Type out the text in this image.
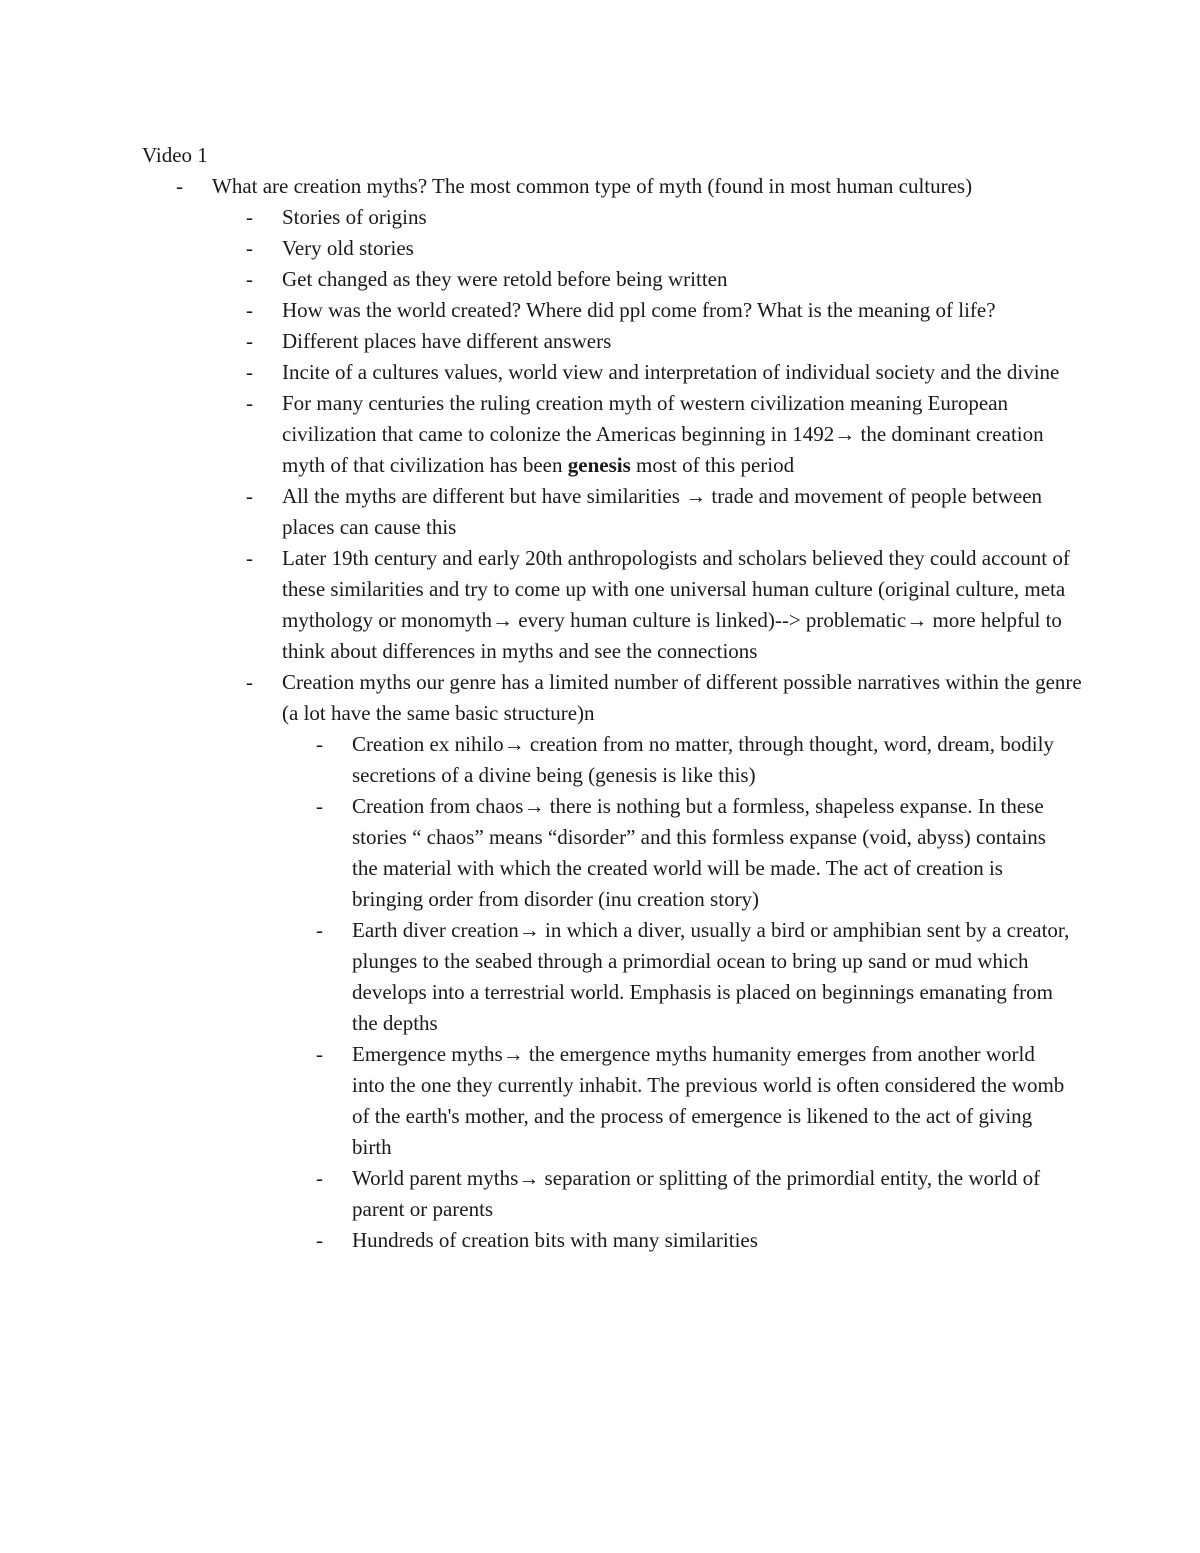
Video 1
- What are creation myths? The most common type of myth (found in most human cultures)
- Stories of origins
- Very old stories
- Get changed as they were retold before being written
- How was the world created? Where did ppl come from? What is the meaning of life?
- Different places have different answers
- Incite of a cultures values, world view and interpretation of individual society and the divine
- For many centuries the ruling creation myth of western civilization meaning European civilization that came to colonize the Americas beginning in 1492→ the dominant creation myth of that civilization has been genesis most of this period
- All the myths are different but have similarities → trade and movement of people between places can cause this
- Later 19th century and early 20th anthropologists and scholars believed they could account of these similarities and try to come up with one universal human culture (original culture, meta mythology or monomyth→ every human culture is linked)--> problematic→ more helpful to think about differences in myths and see the connections
- Creation myths our genre has a limited number of different possible narratives within the genre (a lot have the same basic structure)n
- Creation ex nihilo→ creation from no matter, through thought, word, dream, bodily secretions of a divine being (genesis is like this)
- Creation from chaos→ there is nothing but a formless, shapeless expanse. In these stories “ chaos” means “disorder” and this formless expanse (void, abyss) contains the material with which the created world will be made. The act of creation is bringing order from disorder (inu creation story)
- Earth diver creation→ in which a diver, usually a bird or amphibian sent by a creator, plunges to the seabed through a primordial ocean to bring up sand or mud which develops into a terrestrial world. Emphasis is placed on beginnings emanating from the depths
- Emergence myths→ the emergence myths humanity emerges from another world into the one they currently inhabit. The previous world is often considered the womb of the earth's mother, and the process of emergence is likened to the act of giving birth
- World parent myths→ separation or splitting of the primordial entity, the world of parent or parents
- Hundreds of creation bits with many similarities
